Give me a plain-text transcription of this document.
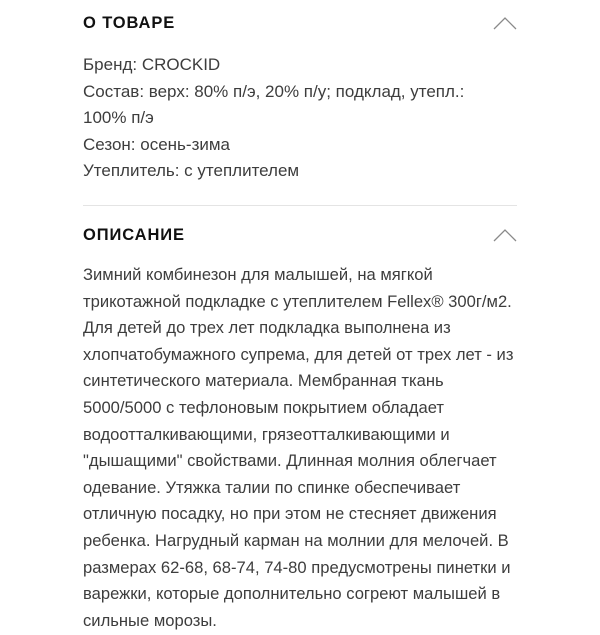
О ТОВАРЕ
Бренд: CROCKID
Состав: верх: 80% п/э, 20% п/у; подклад, утепл.: 100% п/э
Сезон: осень-зима
Утеплитель: с утеплителем
ОПИСАНИЕ

Зимний комбинезон для малышей, на мягкой трикотажной подкладке с утеплителем Fellex® 300г/м2. Для детей до трех лет подкладка выполнена из хлопчатобумажного супрема, для детей от трех лет - из синтетического материала. Мембранная ткань 5000/5000 с тефлоновым покрытием обладает водоотталкивающими, грязеотталкивающими и "дышащими" свойствами. Длинная молния облегчает одевание. Утяжка талии по спинке обеспечивает отличную посадку, но при этом не стесняет движения ребенка. Нагрудный карман на молнии для мелочей. В размерах 62-68, 68-74, 74-80 предусмотрены пинетки и варежки, которые дополнительно согреют малышей в сильные морозы.
